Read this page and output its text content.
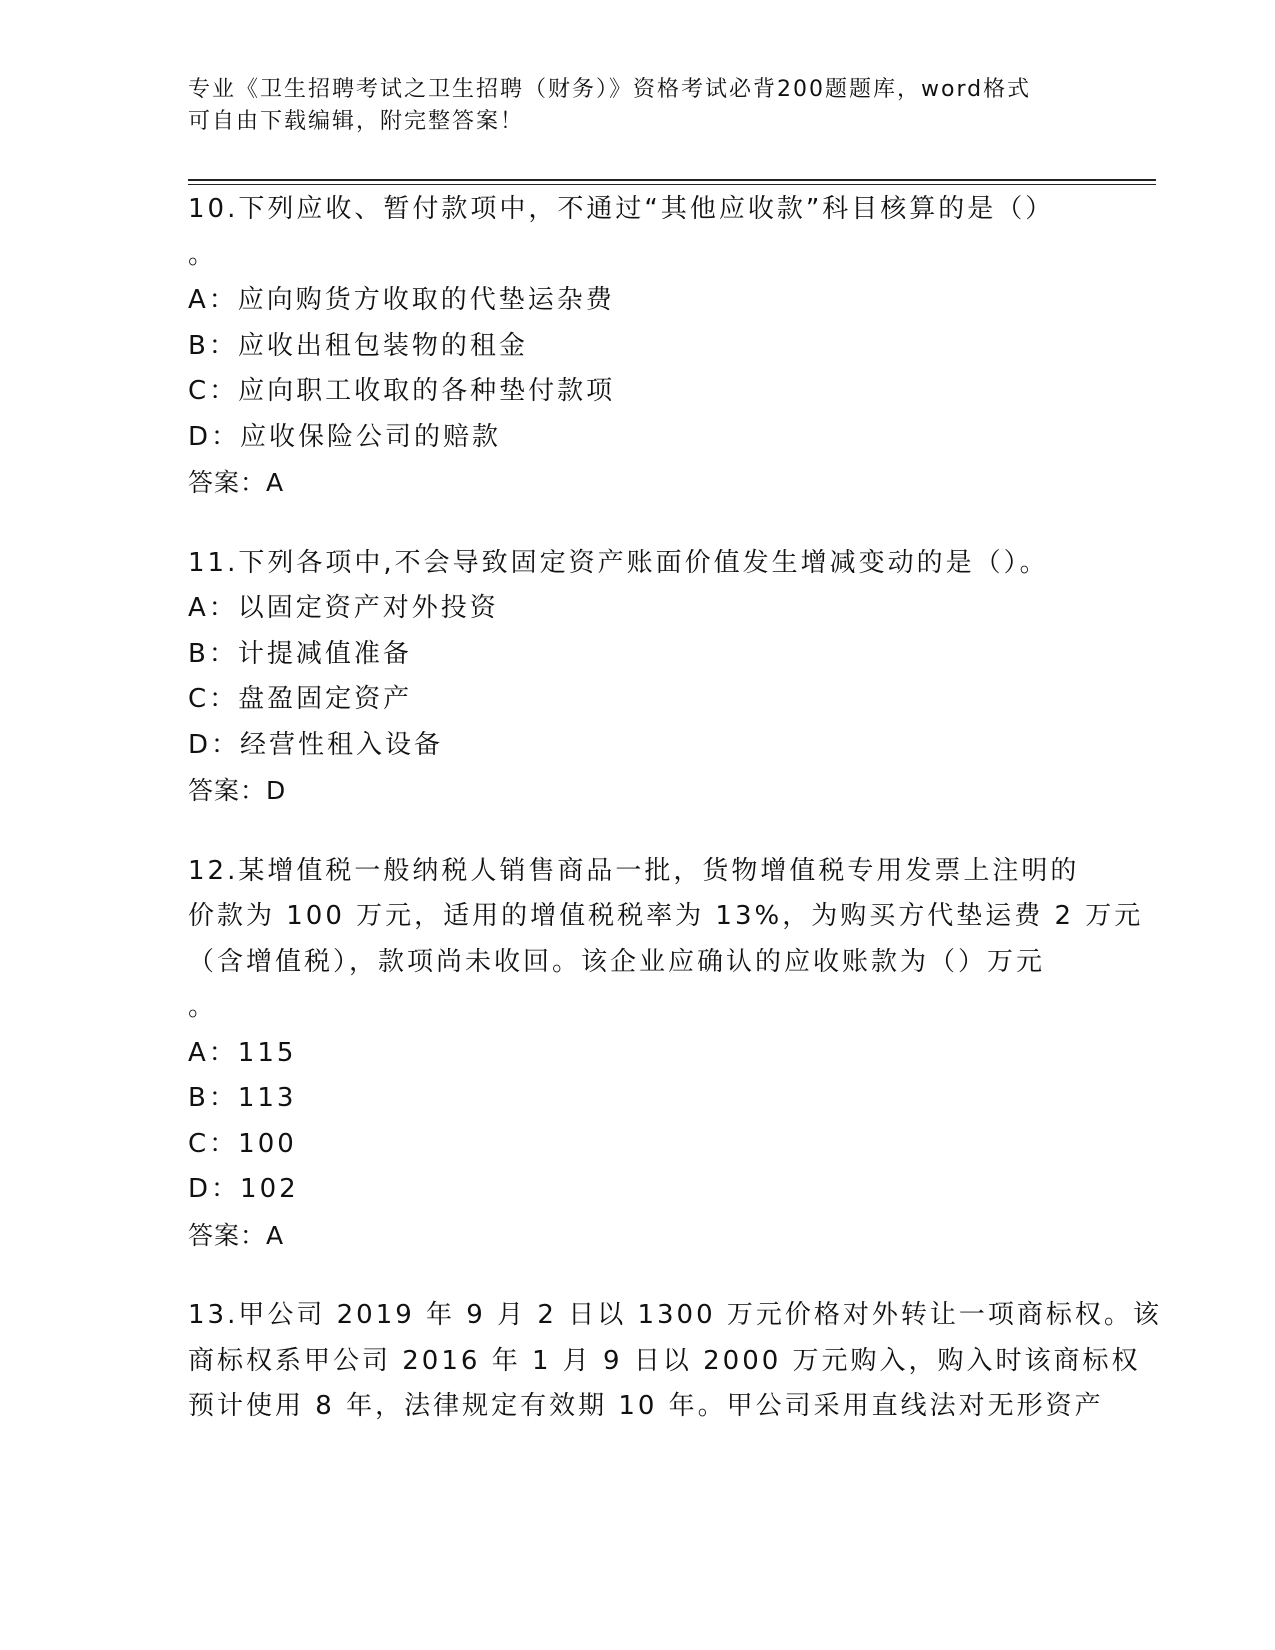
专业《卫生招聘考试之卫生招聘（财务）》资格考试必背200题题库，word格式

可自由下载编辑，附完整答案！

10.下列应收、暂付款项中，不通过“其他应收款”科目核算的是（）
。
A：应向购货方收取的代垫运杂费
B：应收出租包装物的租金
C：应向职工收取的各种垫付款项
D：应收保险公司的赔款
答案：A
11.下列各项中,不会导致固定资产账面价值发生增减变动的是（）。
A：以固定资产对外投资
B：计提减值准备
C：盘盈固定资产
D：经营性租入设备
答案：D
12.某增值税一般纳税人销售商品一批，货物增值税专用发票上注明的
价款为 100 万元，适用的增值税税率为 13%，为购买方代垫运费 2 万元
（含增值税），款项尚未收回。该企业应确认的应收账款为（）万元
。
A：115
B：113
C：100
D：102
答案：A
13.甲公司 2019 年 9 月 2 日以 1300 万元价格对外转让一项商标权。该
商标权系甲公司 2016 年 1 月 9 日以 2000 万元购入，购入时该商标权
预计使用 8 年，法律规定有效期 10 年。甲公司采用直线法对无形资产
